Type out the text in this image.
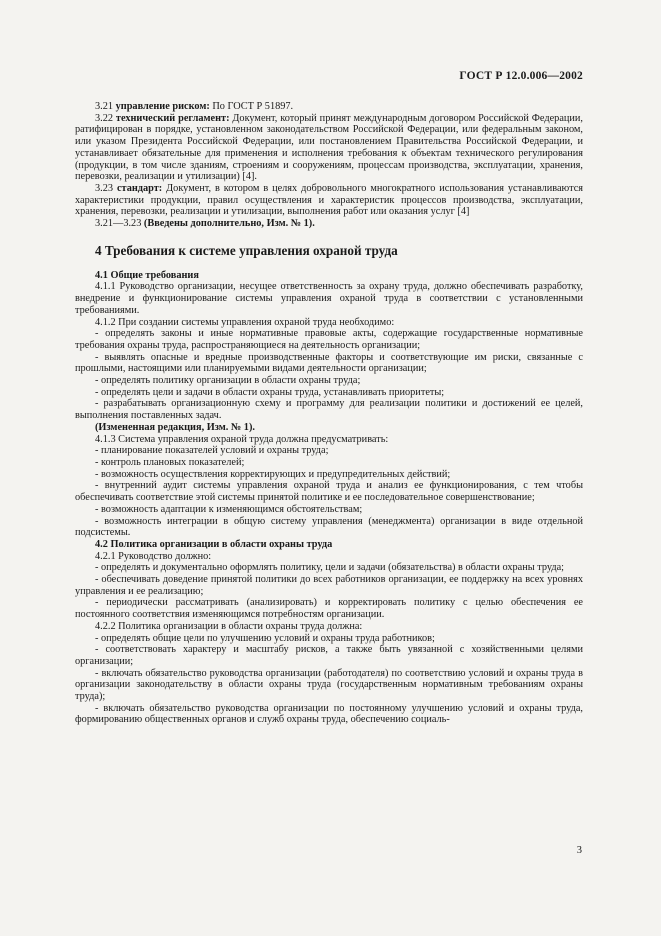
ГОСТ Р 12.0.006—2002

3.21 управление риском: По ГОСТ Р 51897.

3.22 технический регламент: Документ, который принят международным договором Российской Федерации, ратифицирован в порядке, установленном законодательством Российской Федерации, или федеральным законом, или указом Президента Российской Федерации, или постановлением Правительства Российской Федерации, и устанавливает обязательные для применения и исполнения требования к объектам технического регулирования (продукции, в том числе зданиям, строениям и сооружениям, процессам производства, эксплуатации, хранения, перевозки, реализации и утилизации) [4].

3.23 стандарт: Документ, в котором в целях добровольного многократного использования устанавливаются характеристики продукции, правил осуществления и характеристик процессов производства, эксплуатации, хранения, перевозки, реализации и утилизации, выполнения работ или оказания услуг [4]

3.21—3.23 (Введены дополнительно, Изм. № 1).

4 Требования к системе управления охраной труда

4.1 Общие требования

4.1.1 Руководство организации, несущее ответственность за охрану труда, должно обеспечивать разработку, внедрение и функционирование системы управления охраной труда в соответствии с установленными требованиями.

4.1.2 При создании системы управления охраной труда необходимо:

- определять законы и иные нормативные правовые акты, содержащие государственные нормативные требования охраны труда, распространяющиеся на деятельность организации;

- выявлять опасные и вредные производственные факторы и соответствующие им риски, связанные с прошлыми, настоящими или планируемыми видами деятельности организации;

- определять политику организации в области охраны труда;

- определять цели и задачи в области охраны труда, устанавливать приоритеты;

- разрабатывать организационную схему и программу для реализации политики и достижений ее целей, выполнения поставленных задач.

(Измененная редакция, Изм. № 1).

4.1.3 Система управления охраной труда должна предусматривать:

- планирование показателей условий и охраны труда;

- контроль плановых показателей;

- возможность осуществления корректирующих и предупредительных действий;

- внутренний аудит системы управления охраной труда и анализ ее функционирования, с тем чтобы обеспечивать соответствие этой системы принятой политике и ее последовательное совершенствование;

- возможность адаптации к изменяющимся обстоятельствам;

- возможность интеграции в общую систему управления (менеджмента) организации в виде отдельной подсистемы.

4.2 Политика организации в области охраны труда

4.2.1 Руководство должно:

- определять и документально оформлять политику, цели и задачи (обязательства) в области охраны труда;

- обеспечивать доведение принятой политики до всех работников организации, ее поддержку на всех уровнях управления и ее реализацию;

- периодически рассматривать (анализировать) и корректировать политику с целью обеспечения ее постоянного соответствия изменяющимся потребностям организации.

4.2.2 Политика организации в области охраны труда должна:

- определять общие цели по улучшению условий и охраны труда работников;

- соответствовать характеру и масштабу рисков, а также быть увязанной с хозяйственными целями организации;

- включать обязательство руководства организации (работодателя) по соответствию условий и охраны труда в организации законодательству в области охраны труда (государственным нормативным требованиям охраны труда);

- включать обязательство руководства организации по постоянному улучшению условий и охраны труда, формированию общественных органов и служб охраны труда, обеспечению социаль-

3
